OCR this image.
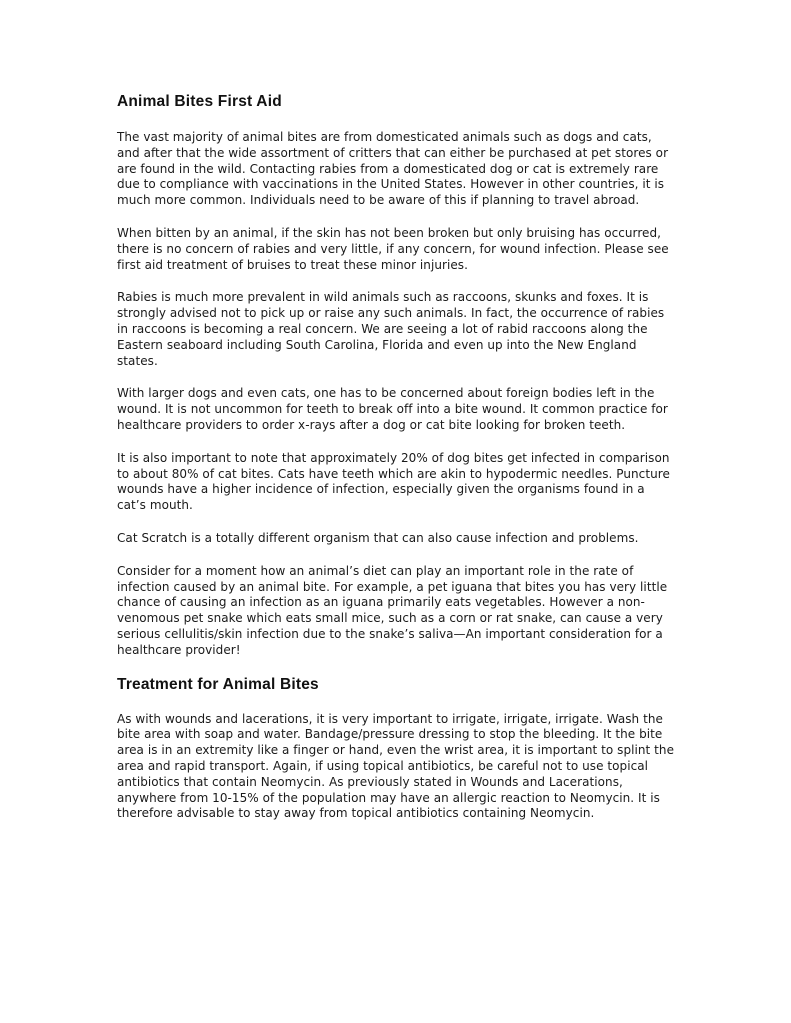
Animal Bites First Aid

The vast majority of animal bites are from domesticated animals such as dogs and cats, and after that the wide assortment of critters that can either be purchased at pet stores or are found in the wild. Contacting rabies from a domesticated dog or cat is extremely rare due to compliance with vaccinations in the United States. However in other countries, it is much more common. Individuals need to be aware of this if planning to travel abroad.

When bitten by an animal, if the skin has not been broken but only bruising has occurred, there is no concern of rabies and very little, if any concern, for wound infection. Please see first aid treatment of bruises to treat these minor injuries.

Rabies is much more prevalent in wild animals such as raccoons, skunks and foxes. It is strongly advised not to pick up or raise any such animals. In fact, the occurrence of rabies in raccoons is becoming a real concern. We are seeing a lot of rabid raccoons along the Eastern seaboard including South Carolina, Florida and even up into the New England states.

With larger dogs and even cats, one has to be concerned about foreign bodies left in the wound. It is not uncommon for teeth to break off into a bite wound. It common practice for healthcare providers to order x-rays after a dog or cat bite looking for broken teeth.

It is also important to note that approximately 20% of dog bites get infected in comparison to about 80% of cat bites. Cats have teeth which are akin to hypodermic needles. Puncture wounds have a higher incidence of infection, especially given the organisms found in a cat’s mouth.

Cat Scratch is a totally different organism that can also cause infection and problems.

Consider for a moment how an animal’s diet can play an important role in the rate of infection caused by an animal bite. For example, a pet iguana that bites you has very little chance of causing an infection as an iguana primarily eats vegetables. However a non-venomous pet snake which eats small mice, such as a corn or rat snake, can cause a very serious cellulitis/skin infection due to the snake’s saliva—An important consideration for a healthcare provider!

Treatment for Animal Bites

As with wounds and lacerations, it is very important to irrigate, irrigate, irrigate. Wash the bite area with soap and water. Bandage/pressure dressing to stop the bleeding. It the bite area is in an extremity like a finger or hand, even the wrist area, it is important to splint the area and rapid transport. Again, if using topical antibiotics, be careful not to use topical antibiotics that contain Neomycin. As previously stated in Wounds and Lacerations, anywhere from 10-15% of the population may have an allergic reaction to Neomycin. It is therefore advisable to stay away from topical antibiotics containing Neomycin.
